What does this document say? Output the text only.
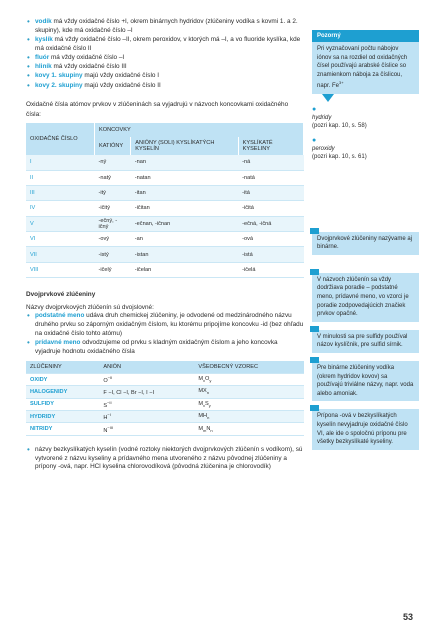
• vodík má vždy oxidačné číslo +I, okrem binárnych hydridov (zlúčeniny vodíka s kovmi 1. a 2. skupiny), kde má oxidačné číslo –I
• kyslík má vždy oxidačné číslo –II, okrem peroxidov, v ktorých má –I, a vo fluoride kyslíka, kde má oxidačné číslo II
• fluór má vždy oxidačné číslo –I
• hliník má vždy oxidačné číslo III
• kovy 1. skupiny majú vždy oxidačné číslo I
• kovy 2. skupiny majú vždy oxidačné číslo II

Oxidačné čísla atómov prvkov v zlúčeninách sa vyjadrujú v názvoch koncovkami oxidačného čísla:

OXIDAČNÉ ČÍSLO	KONCOVKY		
	KATIÓNY	ANIÓNY (SOLI) KYSLÍKATÝCH KYSELÍN	KYSLÍKATÉ KYSELINY
I	-ný	-nan	-ná
II	-natý	-natan	-natá
III	-itý	-itan	-itá
IV	-ičitý	-ičitan	-ičitá
V	-ečný, -ičný	-ečnan, -ičnan	-ečná, -ičná
VI	-ový	-an	-ová
VII	-istý	-istan	-istá
VIII	-ičelý	-ičelan	-ičelá
Dvojprvkové zlúčeniny

Názvy dvojprvkových zlúčenín sú dvojslovné:

• podstatné meno udáva druh chemickej zlúčeniny, je odvodené od medzinárodného názvu druhého prvku so záporným oxidačným číslom, ku ktorému pripojíme koncovku -id (bez ohľadu na oxidačné číslo tohto atómu)
• prídavné meno odvodzujeme od prvku s kladným oxidačným číslom a jeho koncovka vyjadruje hodnotu oxidačného čísla
ZLÚČENINY	ANIÓN	VŠEOBECNÝ VZOREC
OXIDY	$O^{-II}$	$M_xO_y$
HALOGENIDY	F −I, Cl −I, Br −I, I −I	$MX_n$
SULFIDY	$S^{-II}$	$M_xS_y$
HYDRIDY	$H^{-I}$	$MH_n$
NITRIDY	$N^{-III}$	$M_mN_n$
• názvy bezkyslíkatých kyselín (vodné roztoky niektorých dvojprvkových zlúčenín s vodíkom), sú vytvorené z názvu kyseliny a prídavného mena utvoreného z názvu pôvodnej zlúčeniny a prípony -ová, napr. HCl kyselina chlorovodíková (pôvodná zlúčenina je chlorovodík)
Pozorný
Pri vyznačovaní počtu nábojov iónov sa na rozdiel od oxidačných čísel používajú arabské číslice so znamienkom náboja za číslicou, napr. $Fe^{3+}$
●
hydridy
(pozri kap. 10, s. 58)
●
peroxidy
(pozri kap. 10, s. 61)
Dvojprvkové zlúčeniny nazývame aj binárne.
V názvoch zlúčenín sa vždy dodržiava poradie – podstatné meno, prídavné meno, vo vzorci je poradie zodpovedajúcich značiek prvkov opačné.
V minulosti sa pre sulfidy používal názov kyslíčnik, pre sulfid sírnik.
Pre binárne zlúčeniny vodíka (okrem hydridov kovov) sa používajú triviálne názvy, napr. voda alebo amoniak.
Prípona -ová v bezkyslíkatých kyselín nevyjadruje oxidačné číslo VI, ale ide o spoločnú príponu pre všetky bezkyslíkaté kyseliny.
53
